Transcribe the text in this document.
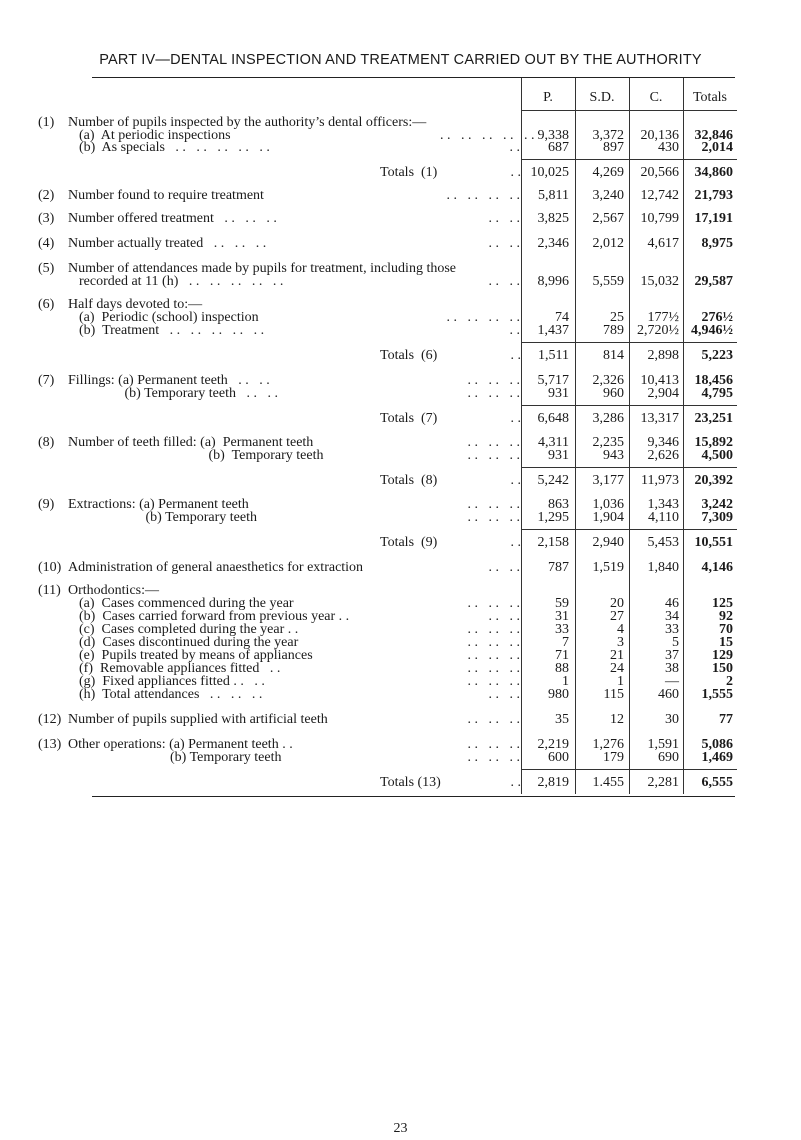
PART IV—DENTAL INSPECTION AND TREATMENT CARRIED OUT BY THE AUTHORITY
P.	S.D.	C.	Totals
(1) Number of pupils inspected by the authority’s dental officers:—
(a)  At periodic inspections	. .   . .   . .   . .   . . 9,338	3,372	20,136	32,846
(b)  As specials   . .   . .   . .   . .   . .	. .	687	897	430	2,014
Totals  (1)	. . 10,025	4,269	20,566	34,860
(2) Number found to require treatment	. .   . .   . .   . .	5,811	3,240	12,742	21,793
(3) Number offered treatment   . .   . .   . .	. .   . .	3,825	2,567	10,799	17,191
(4) Number actually treated   . .   . .   . .	. .   . .	2,346	2,012	4,617	8,975
(5) Number of attendances made by pupils for treatment, including those
recorded at 11 (h)   . .   . .   . .   . .   . .	. .   . .	8,996	5,559	15,032	29,587
(6) Half days devoted to:—
(a)  Periodic (school) inspection	. .   . .   . .   . .	74	25	177½	276½
(b)  Treatment   . .   . .   . .   . .   . .	. .	1,437	789 2,720½ 4,946½
Totals  (6)	. .	1,511	814	2,898	5,223
(7) Fillings: (a) Permanent teeth   . .   . .	. .   . .   . .	5,717	2,326	10,413	18,456
(b) Temporary teeth   . .   . .	. .   . .   . .	931	960	2,904	4,795
Totals  (7)	. .	6,648	3,286	13,317	23,251
(8) Number of teeth filled: (a)  Permanent teeth	. .   . .   . .	4,311	2,235	9,346	15,892
(b)  Temporary teeth	. .   . .   . .	931	943	2,626	4,500
Totals  (8)	. .	5,242	3,177	11,973	20,392
(9) Extractions: (a) Permanent teeth	. .   . .   . .	863	1,036	1,343	3,242
(b) Temporary teeth	. .   . .   . .	1,295	1,904	4,110	7,309
Totals  (9)	. .	2,158	2,940	5,453	10,551
(10) Administration of general anaesthetics for extraction	. .   . .	787	1,519	1,840	4,146
(11) Orthodontics:—
(a)  Cases commenced during the year	. .   . .   . .	59	20	46	125
(b)  Cases carried forward from previous year . .	. .   . .	31	27	34	92
(c)  Cases completed during the year . .	. .   . .   . .	33	4	33	70
(d)  Cases discontinued during the year	. .   . .   . .	7	3	5	15
(e)  Pupils treated by means of appliances	. .   . .   . .	71	21	37	129
(f)  Removable appliances fitted   . .	. .   . .   . .	88	24	38	150
(g)  Fixed appliances fitted . .   . .	. .   . .   . .	1	1	—	2
(h)  Total attendances   . .   . .   . .	. .   . .	980	115	460	1,555
(12) Number of pupils supplied with artificial teeth	. .   . .   . .	35	12	30	77
(13) Other operations: (a) Permanent teeth . .	. .   . .   . .	2,219	1,276	1,591	5,086
(b) Temporary teeth	. .   . .   . .	600	179	690	1,469
Totals (13)	. .	2,819	1.455	2,281	6,555
23
